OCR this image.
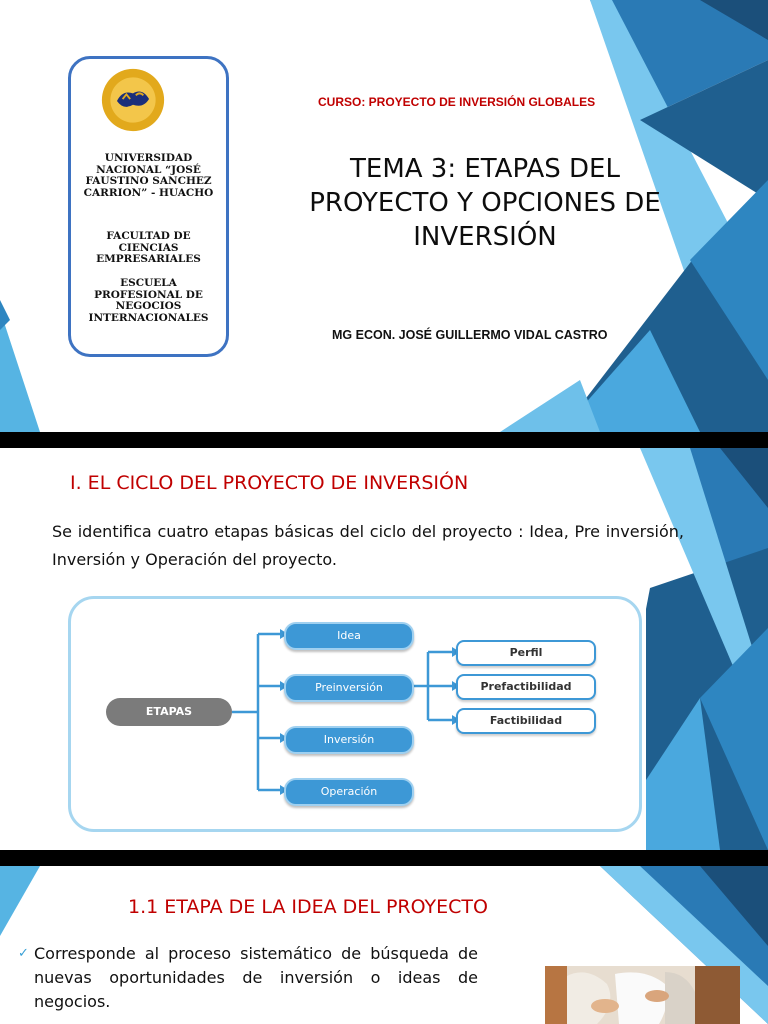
UNIVERSIDAD
NACIONAL “JOSÉ
FAUSTINO SANCHEZ
CARRION” - HUACHO
FACULTAD DE
CIENCIAS
EMPRESARIALES
ESCUELA
PROFESIONAL DE
NEGOCIOS
INTERNACIONALES
CURSO: PROYECTO DE INVERSIÓN GLOBALES
TEMA 3: ETAPAS DEL
PROYECTO Y OPCIONES DE
INVERSIÓN
MG ECON. JOSÉ GUILLERMO VIDAL CASTRO
I. EL CICLO DEL PROYECTO DE INVERSIÓN
Se identifica cuatro etapas básicas del ciclo del proyecto : Idea, Pre inversión, Inversión y Operación del proyecto.
ETAPAS
Idea
Preinversión
Inversión
Operación
Perfil
Prefactibilidad
Factibilidad
1.1 ETAPA DE LA IDEA DEL PROYECTO
✓ Corresponde al proceso sistemático de búsqueda de nuevas oportunidades de inversión o ideas de negocios.
